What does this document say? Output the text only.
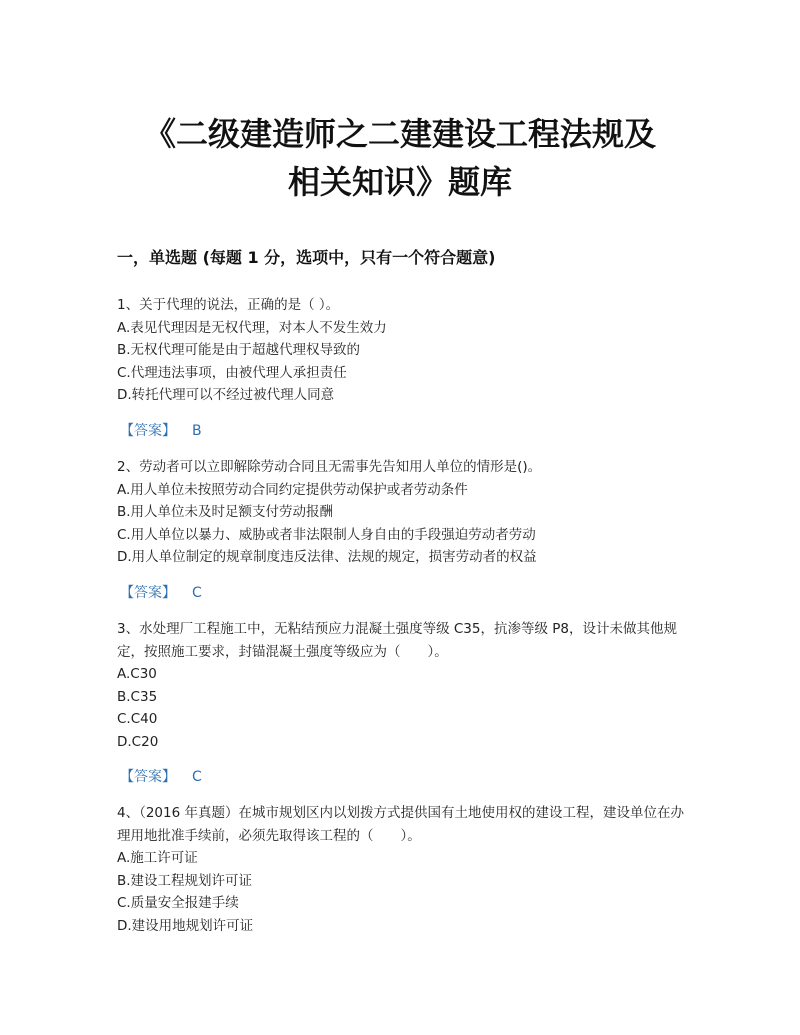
《二级建造师之二建建设工程法规及
相关知识》题库
一，单选题 (每题 1 分，选项中，只有一个符合题意)

1、关于代理的说法，正确的是（ ）。

A.表见代理因是无权代理，对本人不发生效力

B.无权代理可能是由于超越代理权导致的

C.代理违法事项，由被代理人承担责任

D.转托代理可以不经过被代理人同意

【答案】 B

2、劳动者可以立即解除劳动合同且无需事先告知用人单位的情形是()。

A.用人单位未按照劳动合同约定提供劳动保护或者劳动条件

B.用人单位未及时足额支付劳动报酬

C.用人单位以暴力、威胁或者非法限制人身自由的手段强迫劳动者劳动

D.用人单位制定的规章制度违反法律、法规的规定，损害劳动者的权益

【答案】 C

3、水处理厂工程施工中，无粘结预应力混凝土强度等级 C35，抗渗等级 P8，设计未做其他规定，按照施工要求，封锚混凝土强度等级应为（　　）。

A.C30

B.C35

C.C40

D.C20

【答案】 C

4、（2016 年真题）在城市规划区内以划拨方式提供国有土地使用权的建设工程，建设单位在办理用地批准手续前，必须先取得该工程的（　　）。

A.施工许可证

B.建设工程规划许可证

C.质量安全报建手续

D.建设用地规划许可证
